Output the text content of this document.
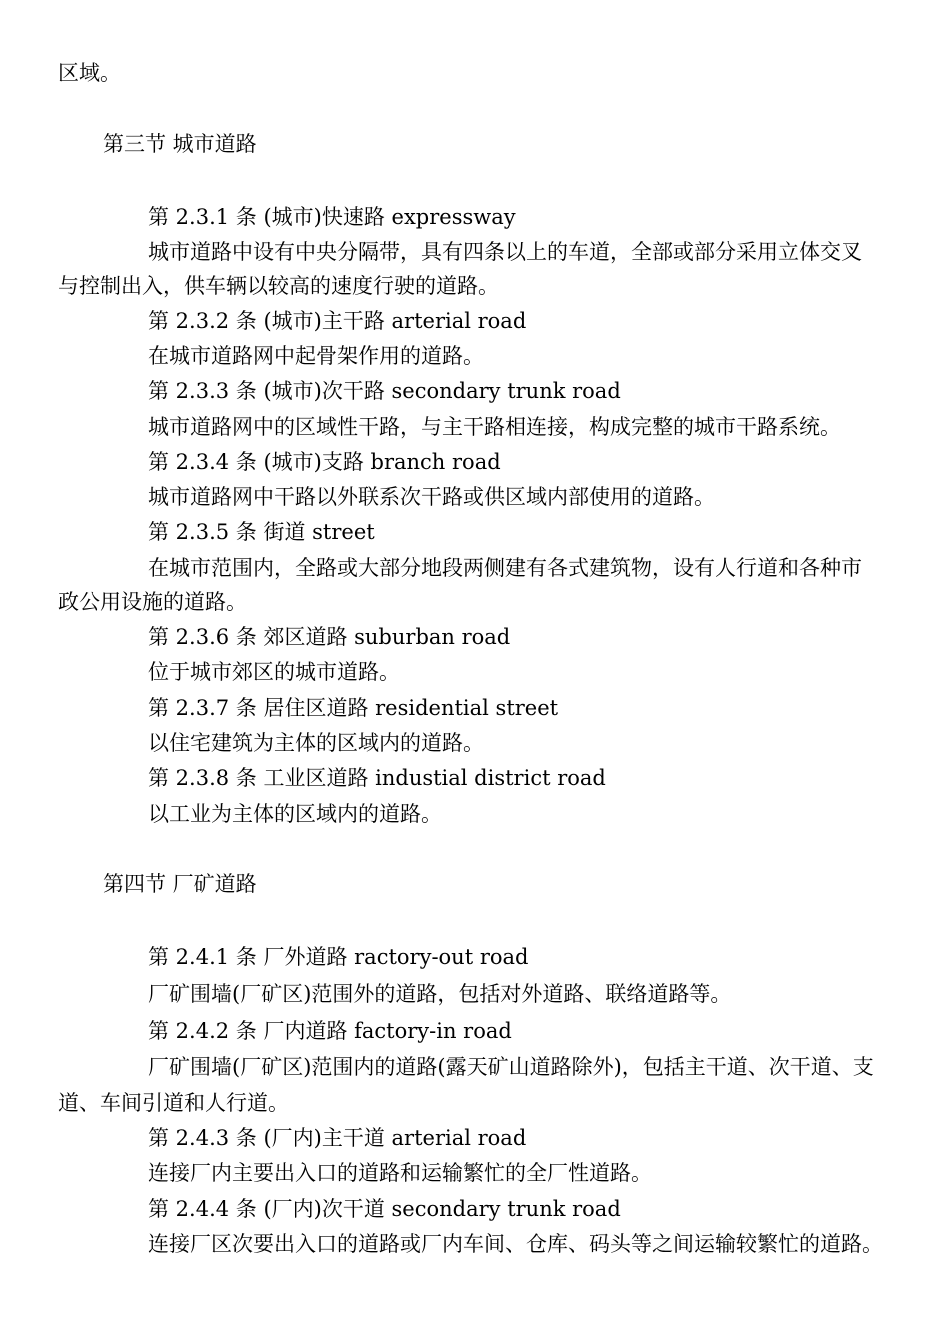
区域。
第三节 城市道路
第 2.3.1 条 (城市)快速路 expressway
城市道路中设有中央分隔带，具有四条以上的车道，全部或部分采用立体交叉
与控制出入，供车辆以较高的速度行驶的道路。
第 2.3.2 条 (城市)主干路 arterial road
在城市道路网中起骨架作用的道路。
第 2.3.3 条 (城市)次干路 secondary trunk road
城市道路网中的区域性干路，与主干路相连接，构成完整的城市干路系统。
第 2.3.4 条 (城市)支路 branch road
城市道路网中干路以外联系次干路或供区域内部使用的道路。
第 2.3.5 条 街道 street
在城市范围内，全路或大部分地段两侧建有各式建筑物，设有人行道和各种市
政公用设施的道路。
第 2.3.6 条 郊区道路 suburban road
位于城市郊区的城市道路。
第 2.3.7 条 居住区道路 residential street
以住宅建筑为主体的区域内的道路。
第 2.3.8 条 工业区道路 industial district road
以工业为主体的区域内的道路。
第四节 厂矿道路
第 2.4.1 条 厂外道路 ractory-out road
厂矿围墙(厂矿区)范围外的道路，包括对外道路、联络道路等。
第 2.4.2 条 厂内道路 factory-in road
厂矿围墙(厂矿区)范围内的道路(露天矿山道路除外)，包括主干道、次干道、支
道、车间引道和人行道。
第 2.4.3 条 (厂内)主干道 arterial road
连接厂内主要出入口的道路和运输繁忙的全厂性道路。
第 2.4.4 条 (厂内)次干道 secondary trunk road
连接厂区次要出入口的道路或厂内车间、仓库、码头等之间运输较繁忙的道路。
